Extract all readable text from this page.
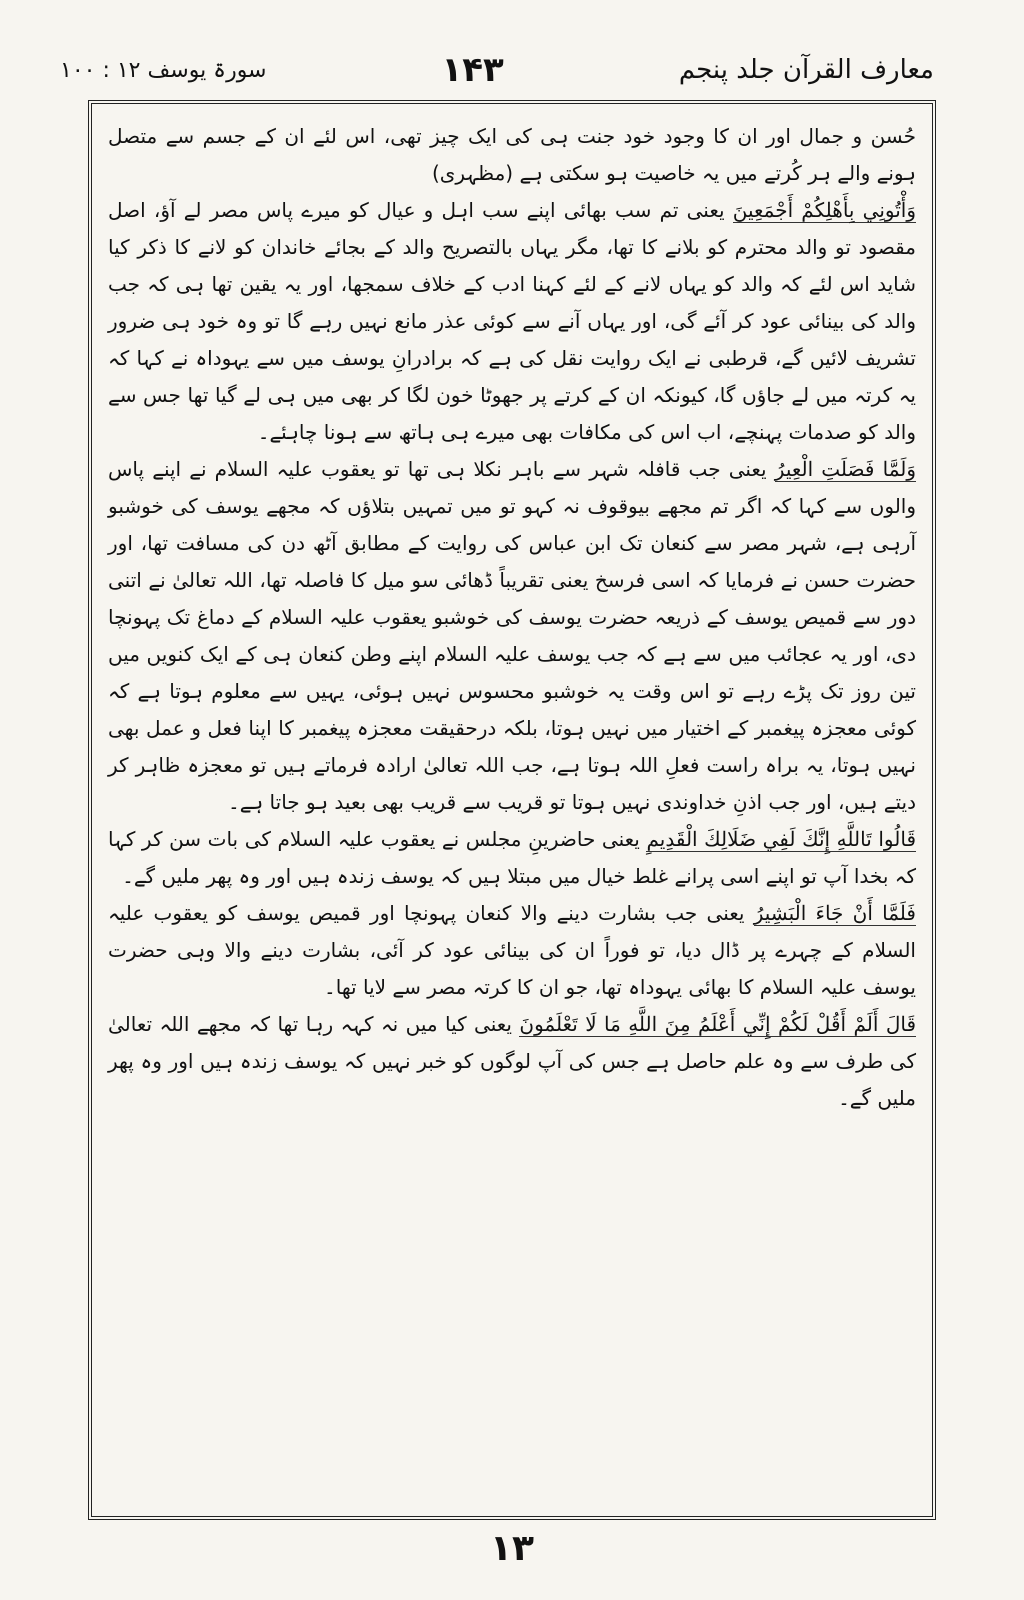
سورۃ یوسف ۱۲ : ۱۰۰	۱۴۳	معارف القرآن جلد پنجم

حُسن و جمال اور ان کا وجود خود جنت ہی کی ایک چیز تھی، اس لئے ان کے جسم سے متصل ہونے والے ہر کُرتے میں یہ خاصیت ہو سکتی ہے (مظہری)

وَأْتُونِي بِأَهْلِكُمْ أَجْمَعِينَ یعنی تم سب بھائی اپنے سب اہل و عیال کو میرے پاس مصر لے آؤ، اصل مقصود تو والد محترم کو بلانے کا تھا، مگر یہاں بالتصریح والد کے بجائے خاندان کو لانے کا ذکر کیا شاید اس لئے کہ والد کو یہاں لانے کے لئے کہنا ادب کے خلاف سمجھا، اور یہ یقین تھا ہی کہ جب والد کی بینائی عود کر آئے گی، اور یہاں آنے سے کوئی عذر مانع نہیں رہے گا تو وہ خود ہی ضرور تشریف لائیں گے، قرطبی نے ایک روایت نقل کی ہے کہ برادرانِ یوسف میں سے یہوداہ نے کہا کہ یہ کرتہ میں لے جاؤں گا، کیونکہ ان کے کرتے پر جھوٹا خون لگا کر بھی میں ہی لے گیا تھا جس سے والد کو صدمات پہنچے، اب اس کی مکافات بھی میرے ہی ہاتھ سے ہونا چاہئے۔

وَلَمَّا فَصَلَتِ الْعِيرُ یعنی جب قافلہ شہر سے باہر نکلا ہی تھا تو یعقوب علیہ السلام نے اپنے پاس والوں سے کہا کہ اگر تم مجھے بیوقوف نہ کہو تو میں تمہیں بتلاؤں کہ مجھے یوسف کی خوشبو آرہی ہے، شہر مصر سے کنعان تک ابن عباس کی روایت کے مطابق آٹھ دن کی مسافت تھا، اور حضرت حسن نے فرمایا کہ اسی فرسخ یعنی تقریباً ڈھائی سو میل کا فاصلہ تھا، اللہ تعالیٰ نے اتنی دور سے قمیص یوسف کے ذریعہ حضرت یوسف کی خوشبو یعقوب علیہ السلام کے دماغ تک پہونچا دی، اور یہ عجائب میں سے ہے کہ جب یوسف علیہ السلام اپنے وطن کنعان ہی کے ایک کنویں میں تین روز تک پڑے رہے تو اس وقت یہ خوشبو محسوس نہیں ہوئی، یہیں سے معلوم ہوتا ہے کہ کوئی معجزہ پیغمبر کے اختیار میں نہیں ہوتا، بلکہ درحقیقت معجزہ پیغمبر کا اپنا فعل و عمل بھی نہیں ہوتا، یہ براہ راست فعلِ اللہ ہوتا ہے، جب اللہ تعالیٰ ارادہ فرماتے ہیں تو معجزہ ظاہر کر دیتے ہیں، اور جب اذنِ خداوندی نہیں ہوتا تو قریب سے قریب بھی بعید ہو جاتا ہے۔

قَالُوا تَاللَّهِ إِنَّكَ لَفِي ضَلَالِكَ الْقَدِيمِ یعنی حاضرینِ مجلس نے یعقوب علیہ السلام کی بات سن کر کہا کہ بخدا آپ تو اپنے اسی پرانے غلط خیال میں مبتلا ہیں کہ یوسف زندہ ہیں اور وہ پھر ملیں گے۔

فَلَمَّا أَنْ جَاءَ الْبَشِيرُ یعنی جب بشارت دینے والا کنعان پہونچا اور قمیص یوسف کو یعقوب علیہ السلام کے چہرے پر ڈال دیا، تو فوراً ان کی بینائی عود کر آئی، بشارت دینے والا وہی حضرت یوسف علیہ السلام کا بھائی یہوداہ تھا، جو ان کا کرتہ مصر سے لایا تھا۔

قَالَ أَلَمْ أَقُلْ لَكُمْ إِنِّي أَعْلَمُ مِنَ اللَّهِ مَا لَا تَعْلَمُونَ یعنی کیا میں نہ کہہ رہا تھا کہ مجھے اللہ تعالیٰ کی طرف سے وہ علم حاصل ہے جس کی آپ لوگوں کو خبر نہیں کہ یوسف زندہ ہیں اور وہ پھر ملیں گے۔

۱۳
